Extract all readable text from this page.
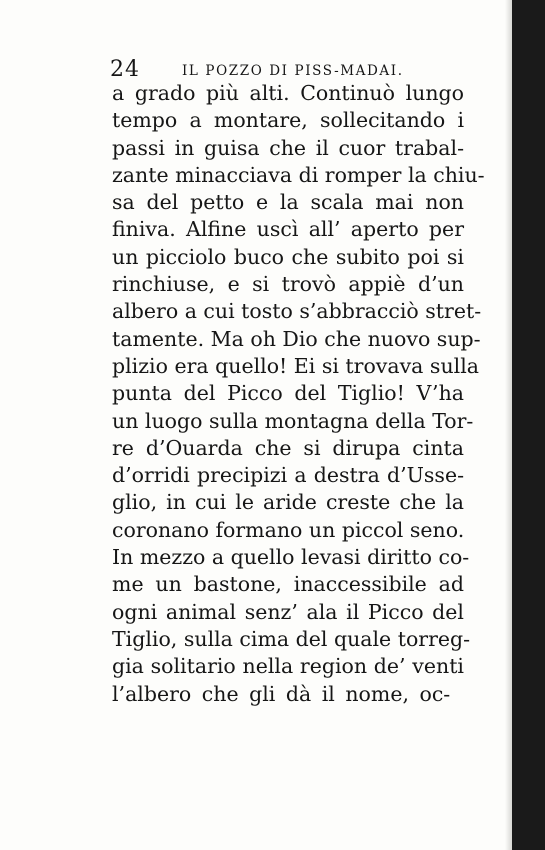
24	IL POZZO DI PISS-MADAI.
a grado più alti. Continuò lungo
tempo a montare, sollecitando i
passi in guisa che il cuor trabal-
zante minacciava di romper la chiu-
sa del petto e la scala mai non
finiva. Alfine uscì all’ aperto per
un picciolo buco che subito poi si
rinchiuse, e si trovò appiè d’un
albero a cui tosto s’abbracciò stret-
tamente. Ma oh Dio che nuovo sup-
plizio era quello! Ei si trovava sulla
punta del Picco del Tiglio! V’ha
un luogo sulla montagna della Tor-
re d’Ouarda che si dirupa cinta
d’orridi precipizi a destra d’Usse-
glio, in cui le aride creste che la
coronano formano un piccol seno.
In mezzo a quello levasi diritto co-
me un bastone, inaccessibile ad
ogni animal senz’ ala il Picco del
Tiglio, sulla cima del quale torreg-
gia solitario nella region de’ venti
l’albero che gli dà il nome, oc-
